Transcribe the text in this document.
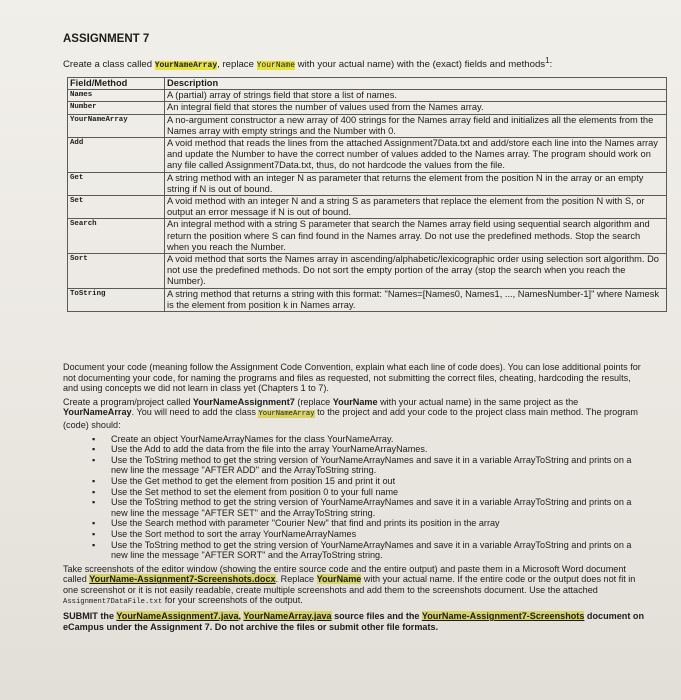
ASSIGNMENT 7
Create a class called YourNameArray, replace YourName with your actual name) with the (exact) fields and methods$^1$:
Field/Method	Description
Names	A (partial) array of strings field that store a list of names.
Number	An integral field that stores the number of values used from the Names array.
YourNameArray	A no-argument constructor a new array of 400 strings for the Names array field and initializes all the elements from the Names array with empty strings and the Number with 0.
Add	A void method that reads the lines from the attached Assignment7Data.txt and add/store each line into the Names array and update the Number to have the correct number of values added to the Names array. The program should work on any file called Assignment7Data.txt, thus, do not hardcode the values from the file.
Get	A string method with an integer N as parameter that returns the element from the position N in the array or an empty string if N is out of bound.
Set	A void method with an integer N and a string S as parameters that replace the element from the position N with S, or output an error message if N is out of bound.
Search	An integral method with a string S parameter that search the Names array field using sequential search algorithm and return the position where S can find found in the Names array. Do not use the predefined methods. Stop the search when you reach the Number.
Sort	A void method that sorts the Names array in ascending/alphabetic/lexicographic order using selection sort algorithm. Do not use the predefined methods. Do not sort the empty portion of the array (stop the search when you reach the Number).
ToString	A string method that returns a string with this format: "Names=[Names0, Names1, ..., NamesNumber-1]" where Namesk is the element from position k in Names array.

Document your code (meaning follow the Assignment Code Convention, explain what each line of code does). You can lose additional points for not documenting your code, for naming the programs and files as requested, not submitting the correct files, cheating, hardcoding the results, and using concepts we did not learn in class yet (Chapters 1 to 7).

Create a program/project called YourNameAssignment7 (replace YourName with your actual name) in the same project as the YourNameArray. You will need to add the class YourNameArray to the project and add your code to the project class main method. The program (code) should:

▪ Create an object YourNameArrayNames for the class YourNameArray.
▪ Use the Add to add the data from the file into the array YourNameArrayNames.
▪ Use the ToString method to get the string version of YourNameArrayNames and save it in a variable ArrayToString and prints on a new line the message "AFTER ADD" and the ArrayToString string.
▪ Use the Get method to get the element from position 15 and print it out
▪ Use the Set method to set the element from position 0 to your full name
▪ Use the ToString method to get the string version of YourNameArrayNames and save it in a variable ArrayToString and prints on a new line the message "AFTER SET" and the ArrayToString string.
▪ Use the Search method with parameter "Courier New" that find and prints its position in the array
▪ Use the Sort method to sort the array YourNameArrayNames
▪ Use the ToString method to get the string version of YourNameArrayNames and save it in a variable ArrayToString and prints on a new line the message "AFTER SORT" and the ArrayToString string.

Take screenshots of the editor window (showing the entire source code and the entire output) and paste them in a Microsoft Word document called YourName-Assignment7-Screenshots.docx. Replace YourName with your actual name. If the entire code or the output does not fit in one screenshot or it is not easily readable, create multiple screenshots and add them to the screenshots document. Use the attached Assignment7DataFile.txt for your screenshots of the output.

SUBMIT the YourNameAssignment7.java, YourNameArray.java source files and the YourName-Assignment7-Screenshots document on eCampus under the Assignment 7. Do not archive the files or submit other file formats.
